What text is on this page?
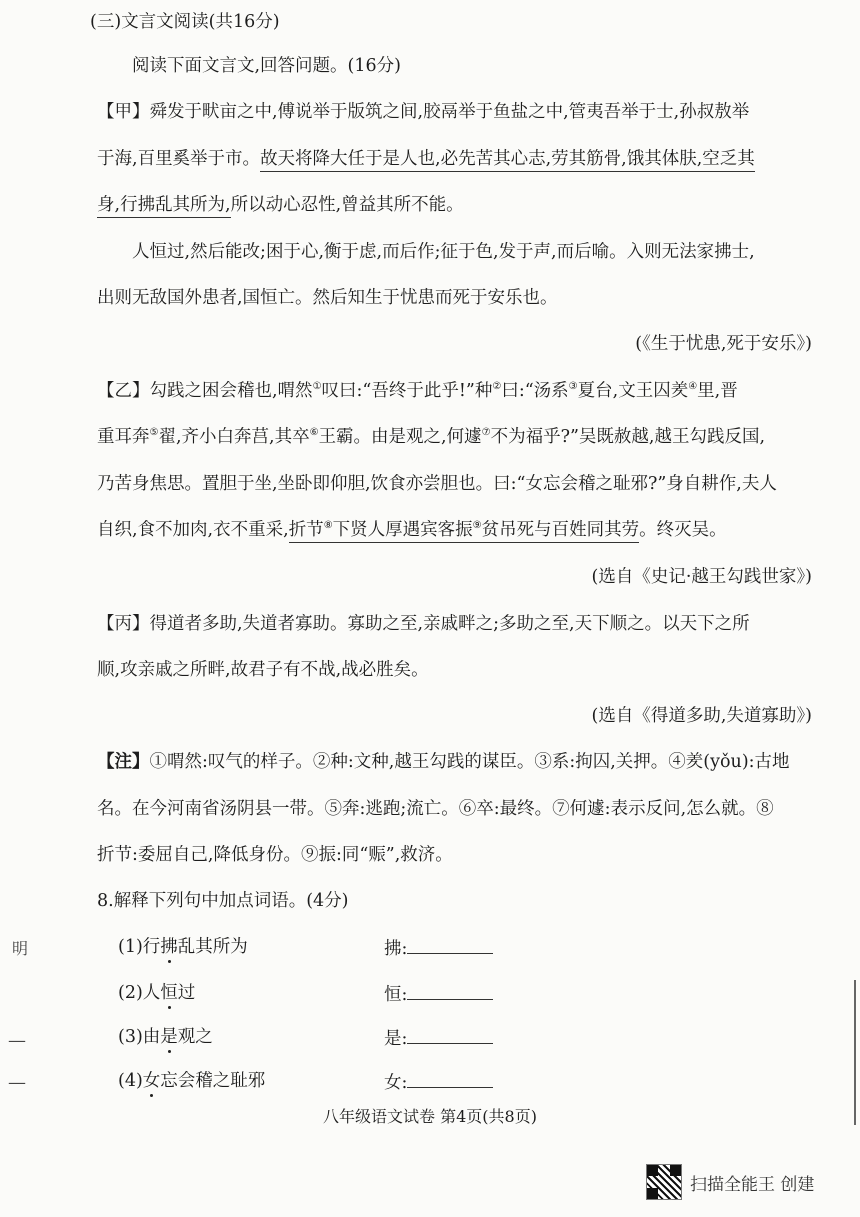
(三)文言文阅读(共16分)
阅读下面文言文,回答问题。(16分)
【甲】舜发于畎亩之中,傅说举于版筑之间,胶鬲举于鱼盐之中,管夷吾举于士,孙叔敖举
于海,百里奚举于市。故天将降大任于是人也,必先苦其心志,劳其筋骨,饿其体肤,空乏其
身,行拂乱其所为,所以动心忍性,曾益其所不能。
人恒过,然后能改;困于心,衡于虑,而后作;征于色,发于声,而后喻。入则无法家拂士,
出则无敌国外患者,国恒亡。然后知生于忧患而死于安乐也。
(《生于忧患,死于安乐》)
【乙】勾践之困会稽也,喟然①叹曰:“吾终于此乎!”种②曰:“汤系③夏台,文王囚羑④里,晋
重耳奔⑤翟,齐小白奔莒,其卒⑥王霸。由是观之,何遽⑦不为福乎?”吴既赦越,越王勾践反国,
乃苦身焦思。置胆于坐,坐卧即仰胆,饮食亦尝胆也。曰:“女忘会稽之耻邪?”身自耕作,夫人
自织,食不加肉,衣不重采,折节⑧下贤人厚遇宾客振⑨贫吊死与百姓同其劳。终灭吴。
(选自《史记·越王勾践世家》)
【丙】得道者多助,失道者寡助。寡助之至,亲戚畔之;多助之至,天下顺之。以天下之所
顺,攻亲戚之所畔,故君子有不战,战必胜矣。
(选自《得道多助,失道寡助》)
【注】①喟然:叹气的样子。②种:文种,越王勾践的谋臣。③系:拘囚,关押。④羑(yǒu):古地
名。在今河南省汤阴县一带。⑤奔:逃跑;流亡。⑥卒:最终。⑦何遽:表示反问,怎么就。⑧
折节:委屈自己,降低身份。⑨振:同“赈”,救济。
8.解释下列句中加点词语。(4分)
(1)行拂乱其所为	拂:
(2)人恒过	恒:
(3)由是观之	是:
(4)女忘会稽之耻邪	女:
明
—
—
八年级语文试卷 第4页(共8页)
扫描全能王 创建
